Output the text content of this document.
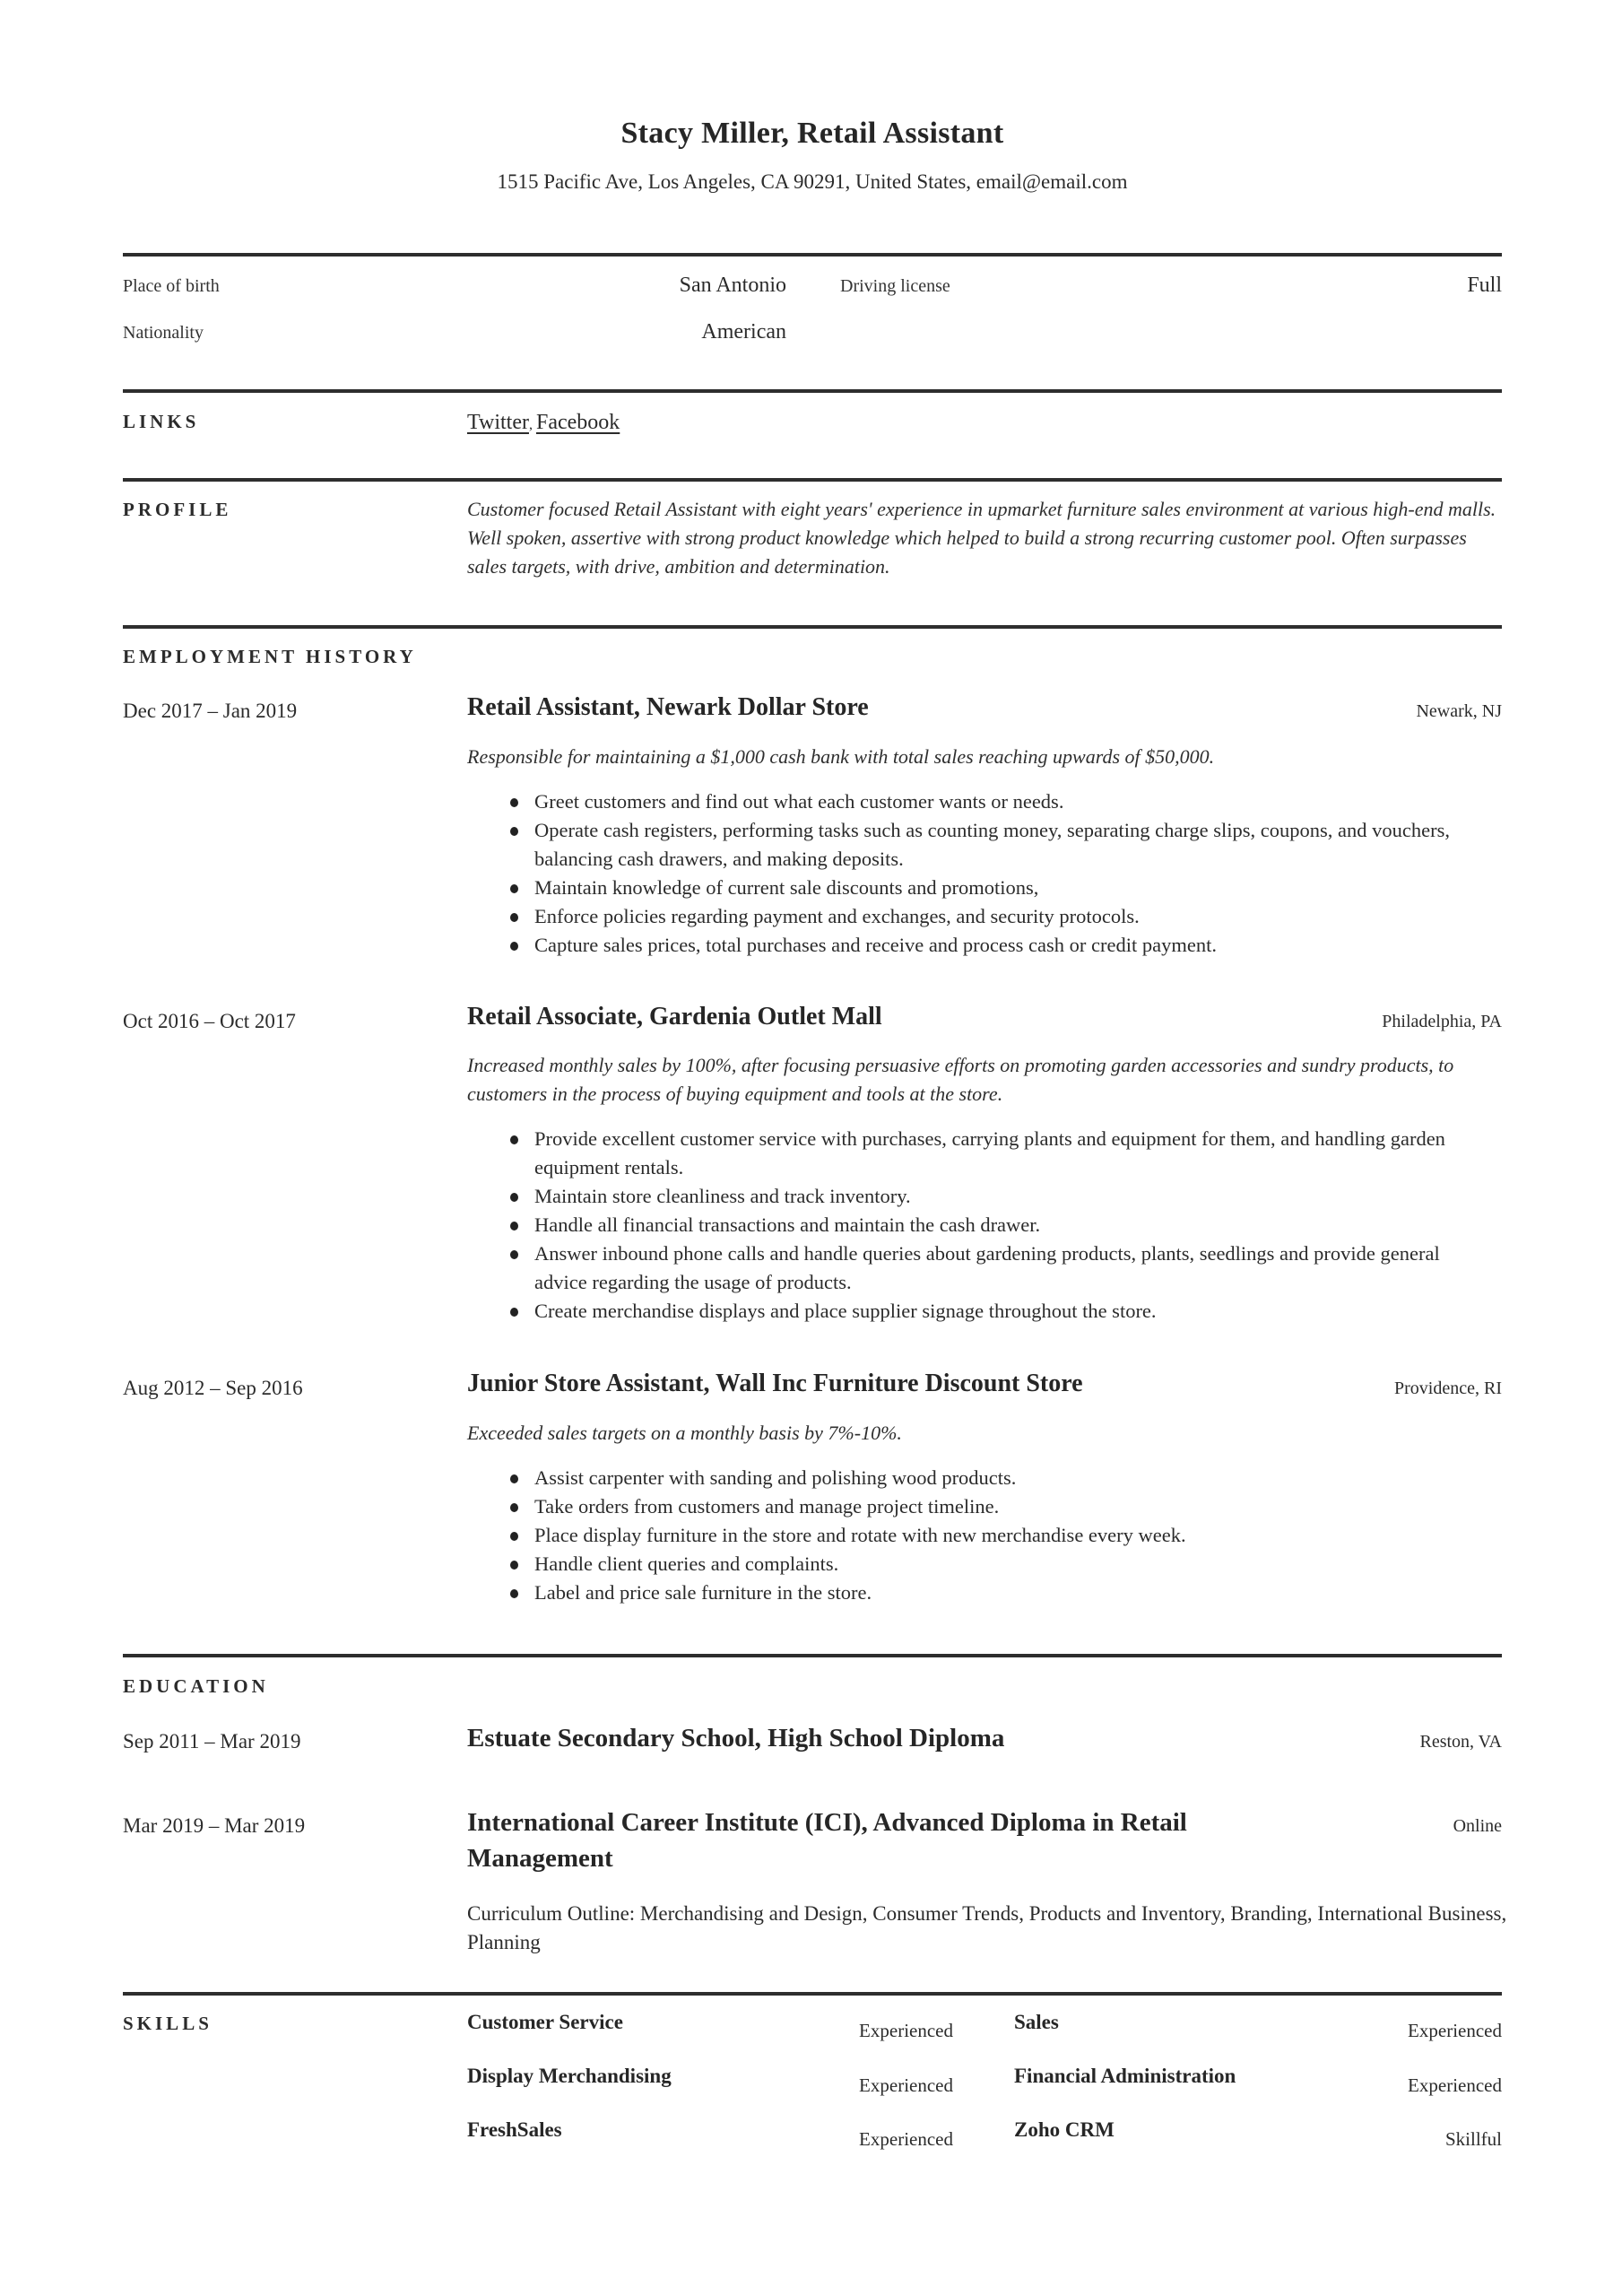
Stacy Miller, Retail Assistant
1515 Pacific Ave, Los Angeles, CA 90291, United States, email@email.com
Place of birth	San Antonio	Driving license	Full
Nationality	American
LINKS	Twitter, Facebook
PROFILE	Customer focused Retail Assistant with eight years' experience in upmarket furniture sales environment at various high-end malls. Well spoken, assertive with strong product knowledge which helped to build a strong recurring customer pool. Often surpasses sales targets, with drive, ambition and determination.
EMPLOYMENT HISTORY
Dec 2017 – Jan 2019	Retail Assistant, Newark Dollar Store	Newark, NJ
Responsible for maintaining a $1,000 cash bank with total sales reaching upwards of $50,000.
Greet customers and find out what each customer wants or needs.
Operate cash registers, performing tasks such as counting money, separating charge slips, coupons, and vouchers, balancing cash drawers, and making deposits.
Maintain knowledge of current sale discounts and promotions,
Enforce policies regarding payment and exchanges, and security protocols.
Capture sales prices, total purchases and receive and process cash or credit payment.
Oct 2016 – Oct 2017	Retail Associate, Gardenia Outlet Mall	Philadelphia, PA
Increased monthly sales by 100%, after focusing persuasive efforts on promoting garden accessories and sundry products, to customers in the process of buying equipment and tools at the store.
Provide excellent customer service with purchases, carrying plants and equipment for them, and handling garden equipment rentals.
Maintain store cleanliness and track inventory.
Handle all financial transactions and maintain the cash drawer.
Answer inbound phone calls and handle queries about gardening products, plants, seedlings and provide general advice regarding the usage of products.
Create merchandise displays and place supplier signage throughout the store.
Aug 2012 – Sep 2016	Junior Store Assistant, Wall Inc Furniture Discount Store	Providence, RI
Exceeded sales targets on a monthly basis by 7%-10%.
Assist carpenter with sanding and polishing wood products.
Take orders from customers and manage project timeline.
Place display furniture in the store and rotate with new merchandise every week.
Handle client queries and complaints.
Label and price sale furniture in the store.
EDUCATION
Sep 2011 – Mar 2019	Estuate Secondary School, High School Diploma	Reston, VA
Mar 2019 – Mar 2019	International Career Institute (ICI), Advanced Diploma in Retail Management
Online
Curriculum Outline: Merchandising and Design, Consumer Trends, Products and Inventory, Branding, International Business, Planning
SKILLS	Customer Service	Experienced	Sales	Experienced
Display Merchandising	Experienced	Financial Administration	Experienced
FreshSales	Experienced	Zoho CRM	Skillful
